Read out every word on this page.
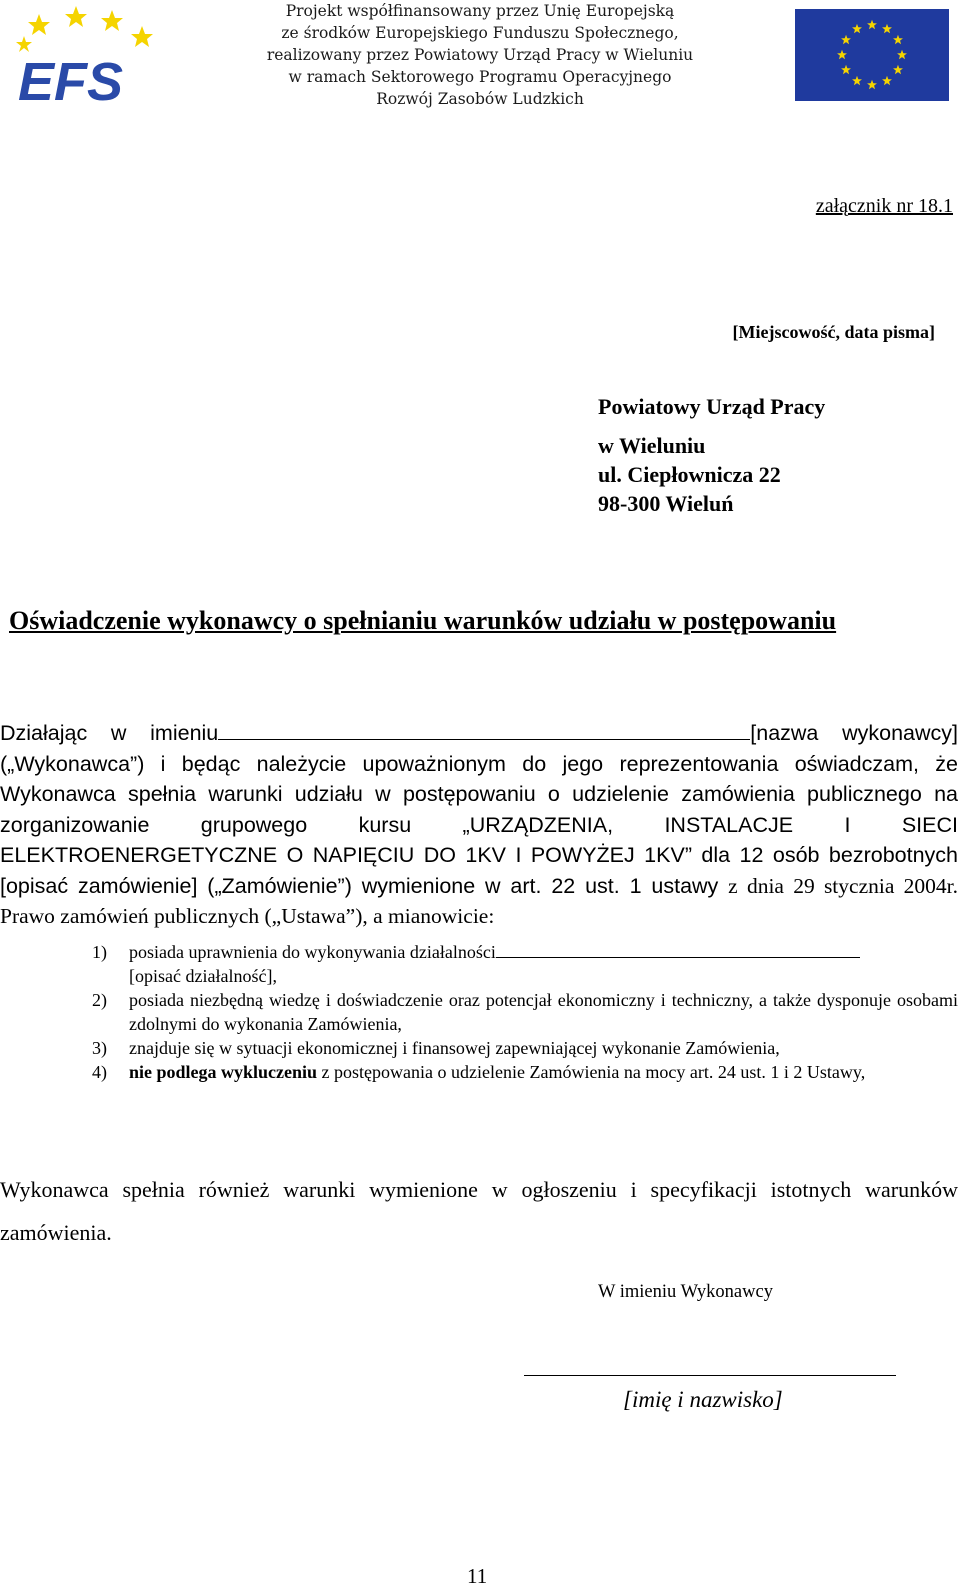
EFS
Projekt współfinansowany przez Unię Europejską
ze środków Europejskiego Funduszu Społecznego,
realizowany przez Powiatowy Urząd Pracy w Wieluniu
w ramach Sektorowego Programu Operacyjnego
Rozwój Zasobów Ludzkich
załącznik nr 18.1
[Miejscowość, data pisma]
Powiatowy Urząd Pracy
w Wieluniu
ul. Ciepłownicza 22
98-300 Wieluń
Oświadczenie wykonawcy o spełnianiu warunków udziału w postępowaniu
Działając w imieniu	[nazwa wykonawcy] („Wykonawca”) i będąc należycie upoważnionym do jego reprezentowania oświadczam, że Wykonawca spełnia warunki udziału w postępowaniu o udzielenie zamówienia publicznego na zorganizowanie grupowego kursu „URZĄDZENIA, INSTALACJE I SIECI ELEKTROENERGETYCZNE O NAPIĘCIU DO 1KV I POWYŻEJ 1KV” dla 12 osób bezrobotnych [opisać zamówienie] („Zamówienie”) wymienione w art. 22 ust. 1 ustawy z dnia 29 stycznia 2004r. Prawo zamówień publicznych („Ustawa”), a mianowicie:
1) posiada uprawnienia do wykonywania działalności
[opisać działalność],
2) posiada niezbędną wiedzę i doświadczenie oraz potencjał ekonomiczny i techniczny, a także dysponuje osobami zdolnymi do wykonania Zamówienia,
3) znajduje się w sytuacji ekonomicznej i finansowej zapewniającej wykonanie Zamówienia,
4) nie podlega wykluczeniu z postępowania o udzielenie Zamówienia na mocy art. 24 ust. 1 i 2 Ustawy,
Wykonawca spełnia również warunki wymienione w ogłoszeniu i specyfikacji istotnych warunków zamówienia.
W imieniu Wykonawcy
[imię i nazwisko]
11
